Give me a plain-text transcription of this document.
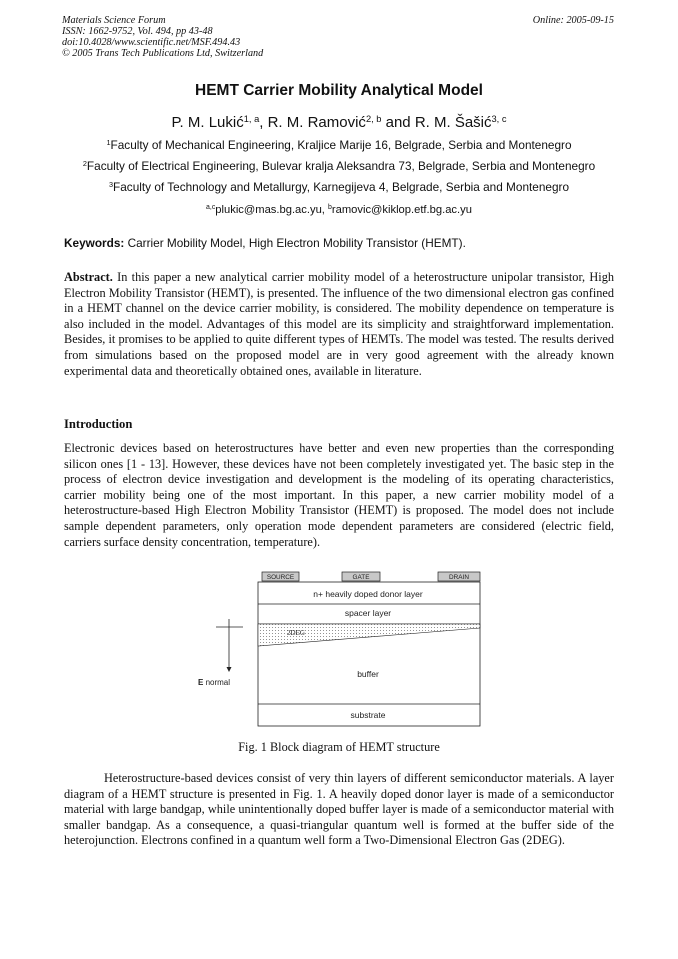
Materials Science Forum
ISSN: 1662-9752, Vol. 494, pp 43-48
doi:10.4028/www.scientific.net/MSF.494.43
© 2005 Trans Tech Publications Ltd, Switzerland
Online: 2005-09-15
HEMT Carrier Mobility Analytical Model
P. M. Lukić$^{1, a}$, R. M. Ramović$^{2, b}$ and R. M. Šašić$^{3, c}$
$^1$Faculty of Mechanical Engineering, Kraljice Marije 16, Belgrade, Serbia and Montenegro
$^2$Faculty of Electrical Engineering, Bulevar kralja Aleksandra 73, Belgrade, Serbia and Montenegro
$^3$Faculty of Technology and Metallurgy, Karnegijeva 4, Belgrade, Serbia and Montenegro
$^{a,c}$plukic@mas.bg.ac.yu, $^b$ramovic@kiklop.etf.bg.ac.yu
Keywords: Carrier Mobility Model, High Electron Mobility Transistor (HEMT).
Abstract. In this paper a new analytical carrier mobility model of a heterostructure unipolar transistor, High Electron Mobility Transistor (HEMT), is presented. The influence of the two dimensional electron gas confined in a HEMT channel on the device carrier mobility, is considered. The mobility dependence on temperature is also included in the model. Advantages of this model are its simplicity and straightforward implementation. Besides, it promises to be applied to quite different types of HEMTs. The model was tested. The results derived from simulations based on the proposed model are in very good agreement with the already known experimental data and theoretically obtained ones, available in literature.
Introduction
Electronic devices based on heterostructures have better and even new properties than the corresponding silicon ones [1 - 13]. However, these devices have not been completely investigated yet. The basic step in the process of electron device investigation and development is the modeling of its operating characteristics, carrier mobility being one of the most important. In this paper, a new carrier mobility model of a heterostructure-based High Electron Mobility Transistor (HEMT) is proposed. The model does not include sample dependent parameters, only operation mode dependent parameters are considered (electric field, carriers surface density concentration, temperature).
SOURCE	GATE	DRAIN
n+ heavily doped donor layer
spacer layer
2DEG
buffer
substrate
E normal
Fig. 1 Block diagram of HEMT structure
Heterostructure-based devices consist of very thin layers of different semiconductor materials. A layer diagram of a HEMT structure is presented in Fig. 1. A heavily doped donor layer is made of a semiconductor material with large bandgap, while unintentionally doped buffer layer is made of a semiconductor material with smaller bandgap. As a consequence, a quasi-triangular quantum well is formed at the buffer side of the heterojunction. Electrons confined in a quantum well form a Two-Dimensional Electron Gas (2DEG).
